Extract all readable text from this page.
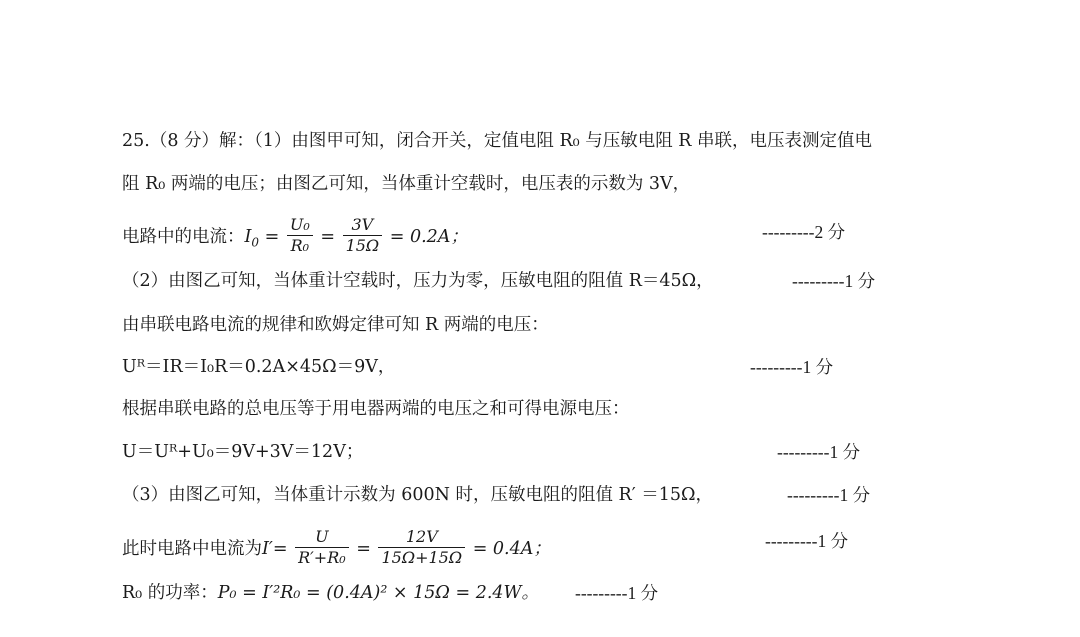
25.（8 分）解：（1）由图甲可知，闭合开关，定值电阻 R₀ 与压敏电阻 R 串联，电压表测定值电
阻 R₀ 两端的电压；由图乙可知，当体重计空载时，电压表的示数为 3V，
电路中的电流：$I_0 = \frac{\text{U₀}}{\text{R₀}} = \frac{3V}{15\Omega} = 0.2A$；	---------2 分
（2）由图乙可知，当体重计空载时，压力为零，压敏电阻的阻值 R＝45Ω，	---------1 分
由串联电路电流的规律和欧姆定律可知 R 两端的电压：
Uᴿ＝IR＝I₀R＝0.2A×45Ω＝9V，	---------1 分
根据串联电路的总电压等于用电器两端的电压之和可得电源电压：
U＝Uᴿ+U₀＝9V+3V＝12V；	---------1 分
（3）由图乙可知，当体重计示数为 600N 时，压敏电阻的阻值 R′ ＝15Ω，	---------1 分
此时电路中电流为$I'= \frac{U}{\text{R′+R₀}} = \frac{12V}{15\Omega+15\Omega} = 0.4A$；	---------1 分
R₀ 的功率：P₀ = I′²R₀ = (0.4A)² × 15Ω = 2.4W。 ---------1 分
